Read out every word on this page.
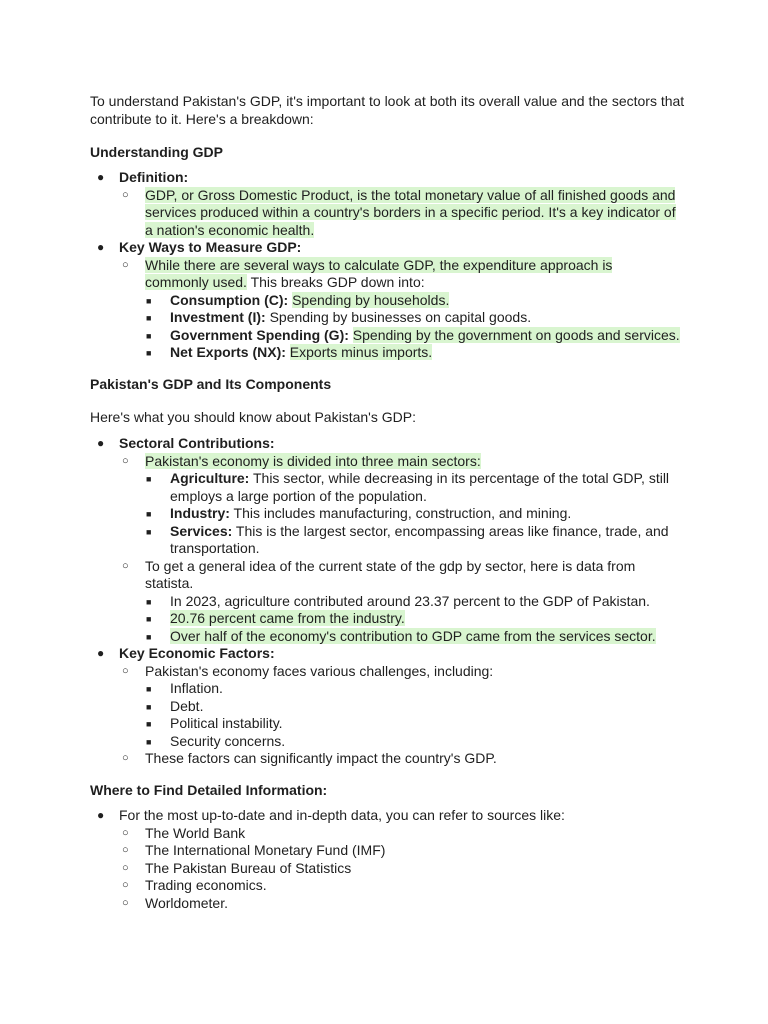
To understand Pakistan's GDP, it's important to look at both its overall value and the sectors that contribute to it. Here's a breakdown:

Understanding GDP

● Definition:
○ GDP, or Gross Domestic Product, is the total monetary value of all finished goods and services produced within a country's borders in a specific period. It's a key indicator of a nation's economic health.
● Key Ways to Measure GDP:
○ While there are several ways to calculate GDP, the expenditure approach is commonly used. This breaks GDP down into:
■ Consumption (C): Spending by households.
■ Investment (I): Spending by businesses on capital goods.
■ Government Spending (G): Spending by the government on goods and services.
■ Net Exports (NX): Exports minus imports.

Pakistan's GDP and Its Components

Here's what you should know about Pakistan's GDP:

● Sectoral Contributions:
○ Pakistan's economy is divided into three main sectors:
■ Agriculture: This sector, while decreasing in its percentage of the total GDP, still employs a large portion of the population.
■ Industry: This includes manufacturing, construction, and mining.
■ Services: This is the largest sector, encompassing areas like finance, trade, and transportation.
○ To get a general idea of the current state of the gdp by sector, here is data from statista.
■ In 2023, agriculture contributed around 23.37 percent to the GDP of Pakistan.
■ 20.76 percent came from the industry.
■ Over half of the economy's contribution to GDP came from the services sector.
● Key Economic Factors:
○ Pakistan's economy faces various challenges, including:
■ Inflation.
■ Debt.
■ Political instability.
■ Security concerns.
○ These factors can significantly impact the country's GDP.

Where to Find Detailed Information:

● For the most up-to-date and in-depth data, you can refer to sources like:
○ The World Bank
○ The International Monetary Fund (IMF)
○ The Pakistan Bureau of Statistics
○ Trading economics.
○ Worldometer.
